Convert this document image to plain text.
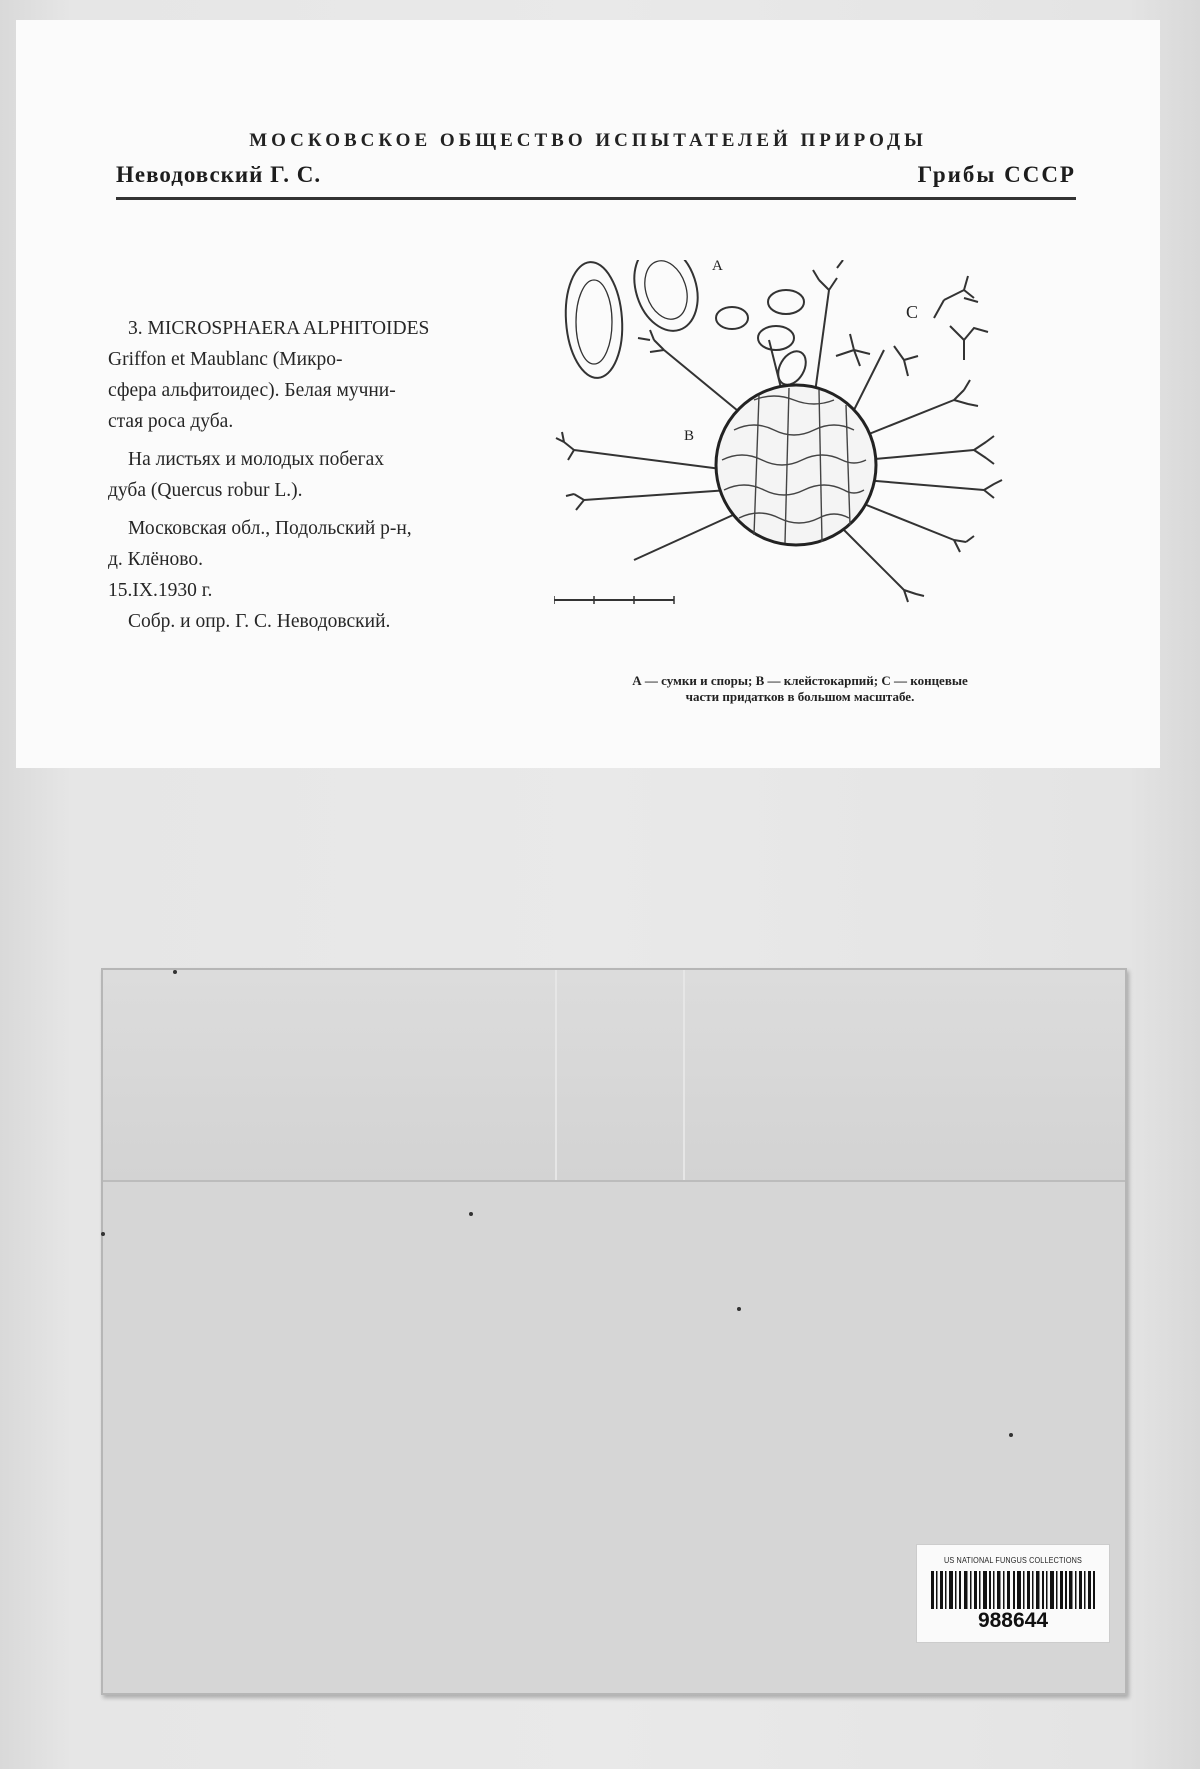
МОСКОВСКОЕ ОБЩЕСТВО ИСПЫТАТЕЛЕЙ ПРИРОДЫ
Неводовский Г. С.	Грибы СССР

3. MICROSPHAERA ALPHITOIDES

Griffon et Maublanc (Микро-

сфера альфитоидес). Белая мучни-

стая роса дуба.

На листьях и молодых побегах

дуба (Quercus robur L.).

Московская обл., Подольский р-н,

д. Клёново.

15.IX.1930 г.

Собр. и опр. Г. С. Неводовский.

A
B
C
А — сумки и споры; В — клейстокарпий; С — концевые
части придатков в большом масштабе.
US NATIONAL FUNGUS COLLECTIONS
988644
